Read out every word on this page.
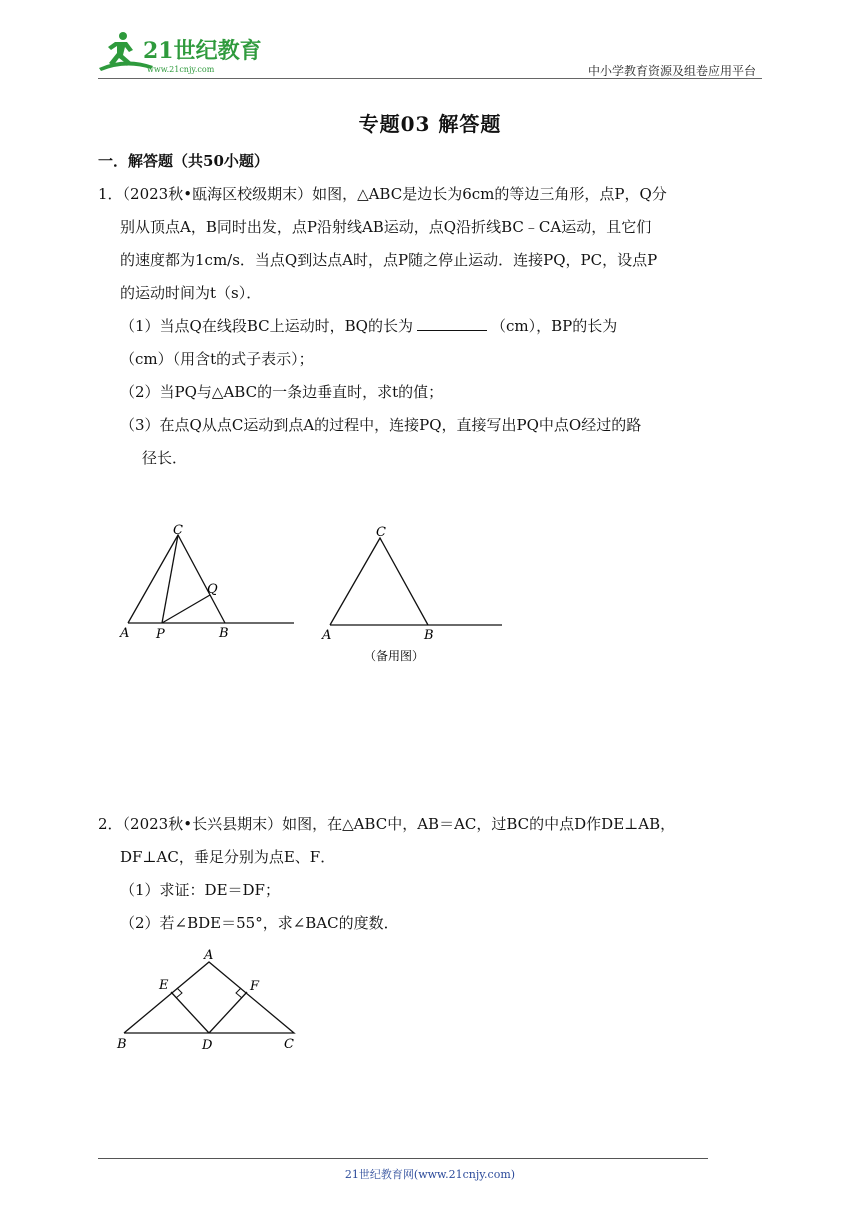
21世纪教育
www.21cnjy.com	中小学教育资源及组卷应用平台
专题03 解答题
一．解答题（共50小题）
1．（2023秋•瓯海区校级期末）如图，△ABC是边长为6cm的等边三角形，点P，Q分
别从顶点A，B同时出发，点P沿射线AB运动，点Q沿折线BC﹣CA运动，且它们
的速度都为1cm/s．当点Q到达点A时，点P随之停止运动．连接PQ，PC，设点P
的运动时间为t（s）．
（1）当点Q在线段BC上运动时，BQ的长为	（cm），BP的长为
（cm）（用含t的式子表示）；
（2）当PQ与△ABC的一条边垂直时，求t的值；
（3）在点Q从点C运动到点A的过程中，连接PQ，直接写出PQ中点O经过的路
径长．
C
A P	B
Q
C
A	B
（备用图）
2．（2023秋•长兴县期末）如图，在△ABC中，AB＝AC，过BC的中点D作DE⊥AB，
DF⊥AC，垂足分别为点E、F．
（1）求证：DE＝DF；
（2）若∠BDE＝55°，求∠BAC的度数．
A
E	F
B	D	C
21世纪教育网(www.21cnjy.com)
